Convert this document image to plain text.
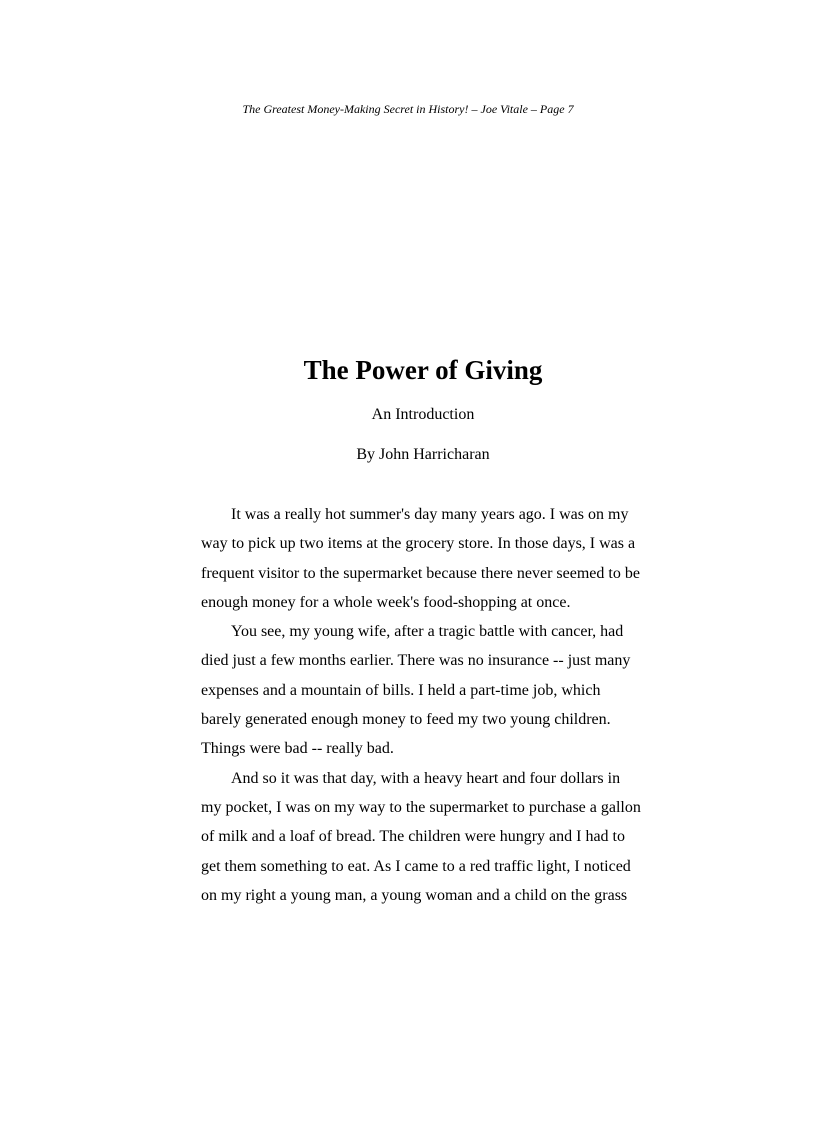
The Greatest Money-Making Secret in History! – Joe Vitale – Page 7
The Power of Giving
An Introduction
By John Harricharan

It was a really hot summer's day many years ago. I was on my
way to pick up two items at the grocery store. In those days, I was a
frequent visitor to the supermarket because there never seemed to be
enough money for a whole week's food-shopping at once.

You see, my young wife, after a tragic battle with cancer, had
died just a few months earlier. There was no insurance -- just many
expenses and a mountain of bills. I held a part-time job, which
barely generated enough money to feed my two young children.
Things were bad -- really bad.

And so it was that day, with a heavy heart and four dollars in
my pocket, I was on my way to the supermarket to purchase a gallon
of milk and a loaf of bread. The children were hungry and I had to
get them something to eat. As I came to a red traffic light, I noticed
on my right a young man, a young woman and a child on the grass
